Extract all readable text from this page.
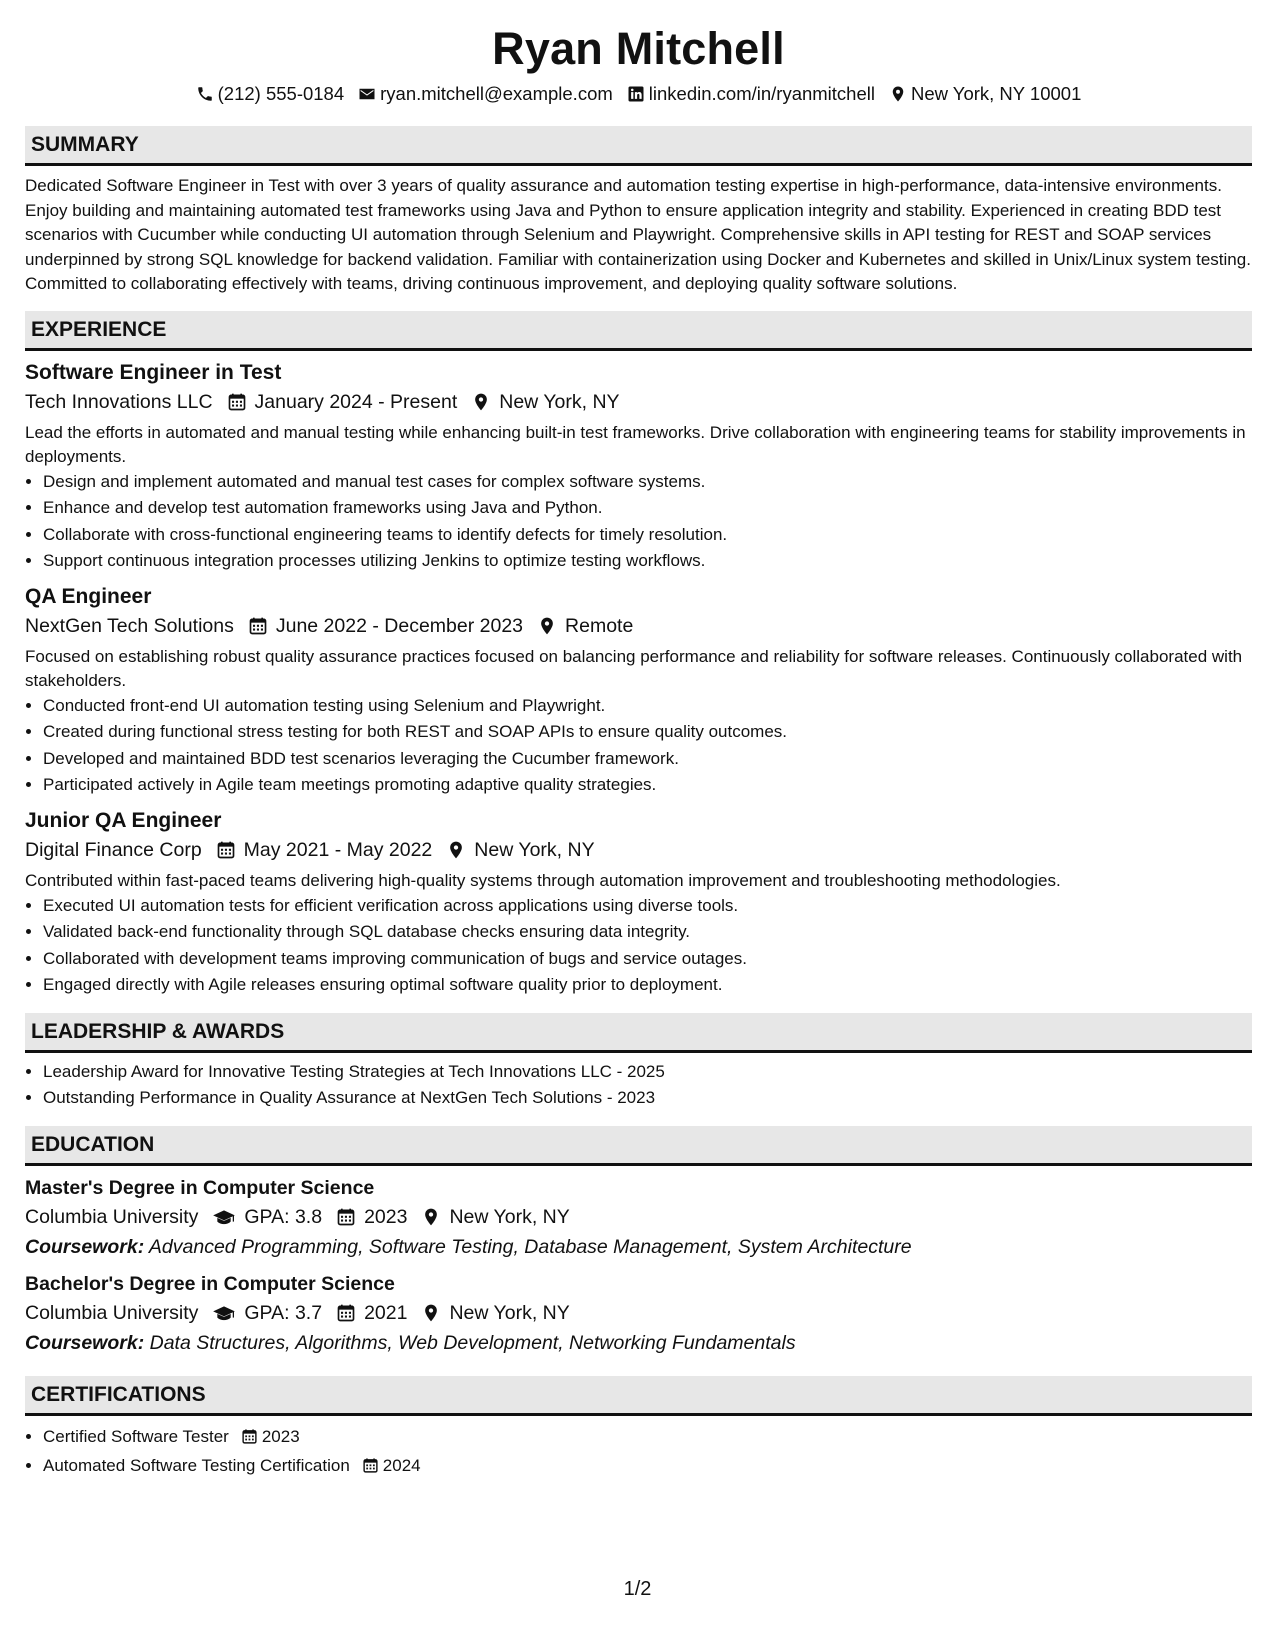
Ryan Mitchell
(212) 555-0184 ryan.mitchell@example.com linkedin.com/in/ryanmitchell New York, NY 10001
SUMMARY
Dedicated Software Engineer in Test with over 3 years of quality assurance and automation testing expertise in high-performance, data-intensive environments. Enjoy building and maintaining automated test frameworks using Java and Python to ensure application integrity and stability. Experienced in creating BDD test scenarios with Cucumber while conducting UI automation through Selenium and Playwright. Comprehensive skills in API testing for REST and SOAP services underpinned by strong SQL knowledge for backend validation. Familiar with containerization using Docker and Kubernetes and skilled in Unix/Linux system testing. Committed to collaborating effectively with teams, driving continuous improvement, and deploying quality software solutions.
EXPERIENCE
Software Engineer in Test
Tech Innovations LLC January 2024 - Present New York, NY
Lead the efforts in automated and manual testing while enhancing built-in test frameworks. Drive collaboration with engineering teams for stability improvements in deployments.
• Design and implement automated and manual test cases for complex software systems.
• Enhance and develop test automation frameworks using Java and Python.
• Collaborate with cross-functional engineering teams to identify defects for timely resolution.
• Support continuous integration processes utilizing Jenkins to optimize testing workflows.
QA Engineer
NextGen Tech Solutions June 2022 - December 2023 Remote
Focused on establishing robust quality assurance practices focused on balancing performance and reliability for software releases. Continuously collaborated with stakeholders.
• Conducted front-end UI automation testing using Selenium and Playwright.
• Created during functional stress testing for both REST and SOAP APIs to ensure quality outcomes.
• Developed and maintained BDD test scenarios leveraging the Cucumber framework.
• Participated actively in Agile team meetings promoting adaptive quality strategies.
Junior QA Engineer
Digital Finance Corp May 2021 - May 2022 New York, NY
Contributed within fast-paced teams delivering high-quality systems through automation improvement and troubleshooting methodologies.
• Executed UI automation tests for efficient verification across applications using diverse tools.
• Validated back-end functionality through SQL database checks ensuring data integrity.
• Collaborated with development teams improving communication of bugs and service outages.
• Engaged directly with Agile releases ensuring optimal software quality prior to deployment.
LEADERSHIP & AWARDS
• Leadership Award for Innovative Testing Strategies at Tech Innovations LLC - 2025
• Outstanding Performance in Quality Assurance at NextGen Tech Solutions - 2023
EDUCATION
Master's Degree in Computer Science
Columbia University GPA: 3.8 2023 New York, NY
Coursework: Advanced Programming, Software Testing, Database Management, System Architecture
Bachelor's Degree in Computer Science
Columbia University GPA: 3.7 2021 New York, NY
Coursework: Data Structures, Algorithms, Web Development, Networking Fundamentals
CERTIFICATIONS
• Certified Software Tester 2023
• Automated Software Testing Certification 2024
1/2
